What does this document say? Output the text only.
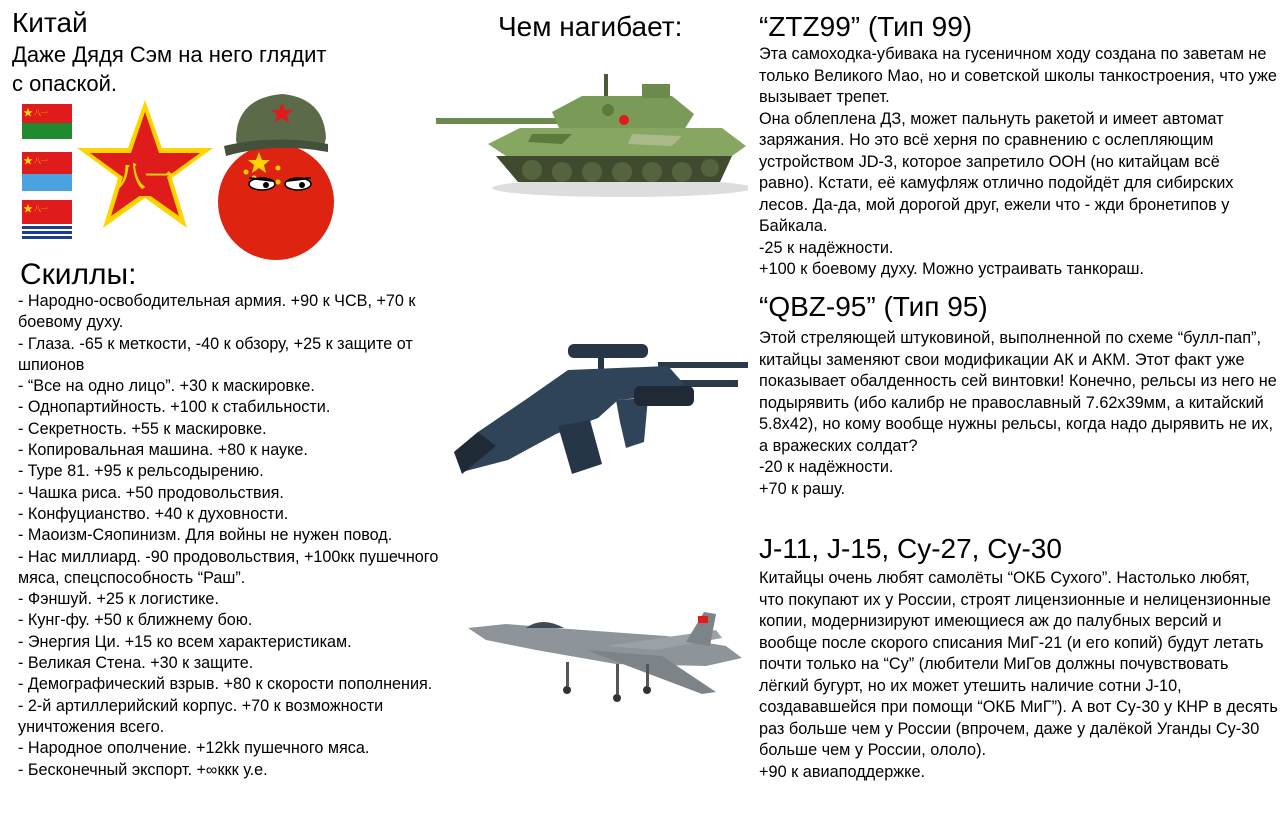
Китай
Даже Дядя Сэм на него глядит с опаской.
八一
八一
八一
八一
Скиллы:
- Народно-освободительная армия. +90 к ЧСВ, +70 к боевому духу.
- Глаза. -65 к меткости, -40 к обзору, +25 к защите от шпионов
- “Все на одно лицо”. +30 к маскировке.
- Однопартийность. +100 к стабильности.
- Секретность. +55 к маскировке.
- Копировальная машина. +80 к науке.
- Type 81. +95 к рельсодырению.
- Чашка риса. +50 продовольствия.
- Конфуцианство. +40 к духовности.
- Маоизм-Сяопинизм. Для войны не нужен повод.
- Нас миллиард. -90 продовольствия, +100кк пушечного мяса, спецспособность “Раш”.
- Фэншуй. +25 к логистике.
- Кунг-фу. +50 к ближнему бою.
- Энергия Ци. +15 ко всем характеристикам.
- Великая Стена. +30 к защите.
- Демографический взрыв. +80 к скорости пополнения.
- 2-й артиллерийский корпус. +70 к возможности уничтожения всего.
- Народное ополчение. +12kk пушечного мяса.
- Бесконечный экспорт. +∞ккк у.е.
Чем нагибает:	“ZTZ99” (Тип 99)

Эта самоходка-убивака на гусеничном ходу создана по заветам не только Великого Мао, но и советской школы танкостроения, что уже вызывает трепет.

Она облеплена ДЗ, может пальнуть ракетой и имеет автомат заряжания. Но это всё херня по сравнению с ослепляющим устройством JD-3, которое запретило ООН (но китайцам всё равно). Кстати, её камуфляж отлично подойдёт для сибирских лесов. Да-да, мой дорогой друг, ежели что - жди бронетипов у Байкала.

-25 к надёжности.

+100 к боевому духу. Можно устраивать танкораш.

“QBZ-95” (Тип 95)

Этой стреляющей штуковиной, выполненной по схеме “булл-пап”, китайцы заменяют свои модификации АК и АКМ. Этот факт уже показывает обалденность сей винтовки! Конечно, рельсы из него не подырявить (ибо калибр не православный 7.62x39мм, а китайский 5.8x42), но кому вообще нужны рельсы, когда надо дырявить не их, а вражеских солдат?

-20 к надёжности.

+70 к рашу.

J-11, J-15, Су-27, Су-30

Китайцы очень любят самолёты “ОКБ Сухого”. Настолько любят, что покупают их у России, строят лицензионные и нелицензионные копии, модернизируют имеющиеся аж до палубных версий и вообще после скорого списания МиГ-21 (и его копий) будут летать почти только на “Су” (любители МиГов должны почувствовать лёгкий бугурт, но их может утешить наличие сотни J-10, создававшейся при помощи “ОКБ МиГ”). А вот Су-30 у КНР в десять раз больше чем у России (впрочем, даже у далёкой Уганды Су-30 больше чем у России, ололо).

+90 к авиаподдержке.
